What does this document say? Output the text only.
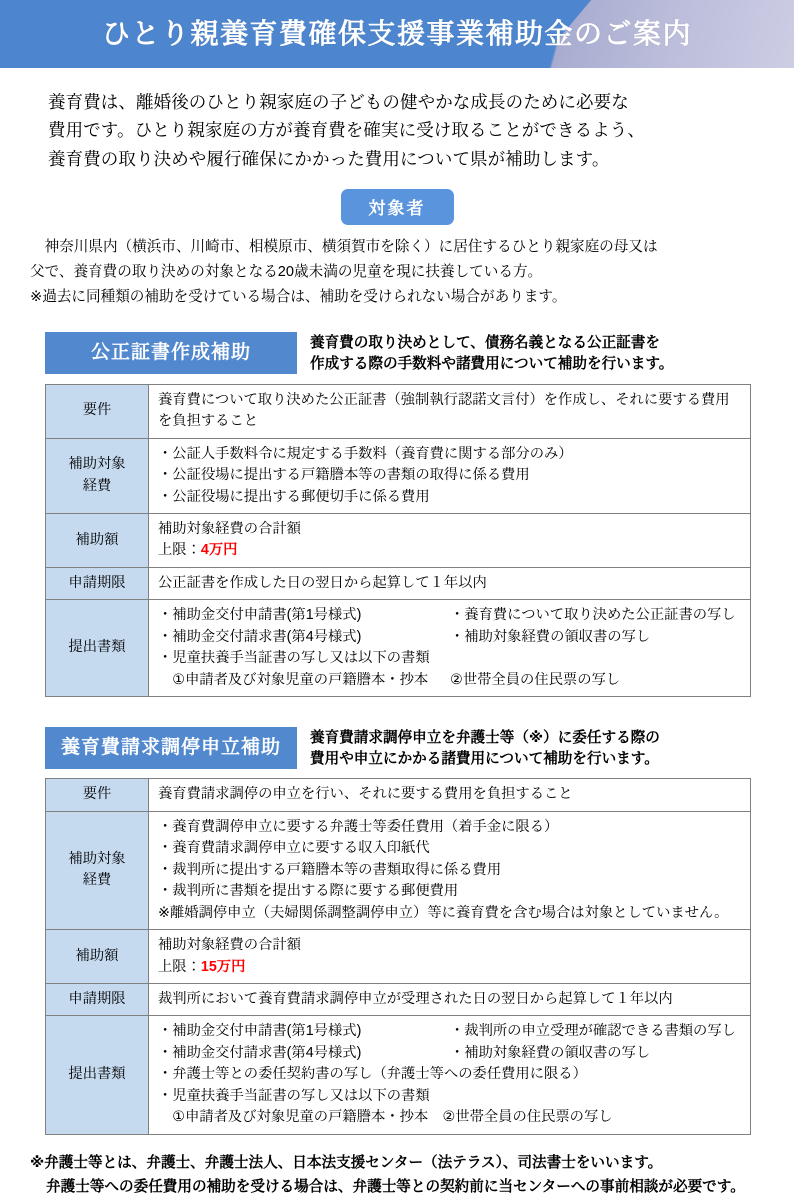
ひとり親養育費確保支援事業補助金のご案内

養育費は、離婚後のひとり親家庭の子どもの健やかな成長のために必要な

費用です。ひとり親家庭の方が養育費を確実に受け取ることができるよう、

養育費の取り決めや履行確保にかかった費用について県が補助します。

対象者

神奈川県内（横浜市、川崎市、相模原市、横須賀市を除く）に居住するひとり親家庭の母又は

父で、養育費の取り決めの対象となる20歳未満の児童を現に扶養している方。

※過去に同種類の補助を受けている場合は、補助を受けられない場合があります。

公正証書作成補助	養育費の取り決めとして、債務名義となる公正証書を
作成する際の手数料や諸費用について補助を行います。
要件	養育費について取り決めた公正証書（強制執行認諾文言付）を作成し、それに要する費用
を負担すること

補助対象
経費

・公証人手数料令に規定する手数料（養育費に関する部分のみ）
・公証役場に提出する戸籍謄本等の書類の取得に係る費用
・公証役場に提出する郵便切手に係る費用

補助額	補助対象経費の合計額
上限：4万円

申請期限	公正証書を作成した日の翌日から起算して１年以内
提出書類	
・補助金交付申請書(第1号様式)
・補助金交付請求書(第4号様式)
・養育費について取り決めた公正証書の写し
・補助対象経費の領収書の写し
・児童扶養手当証書の写し又は以下の書類
①申請者及び対象児童の戸籍謄本・抄本	②世帯全員の住民票の写し
養育費請求調停申立補助	養育費請求調停申立を弁護士等（※）に委任する際の
費用や申立にかかる諸費用について補助を行います。
要件	養育費請求調停の申立を行い、それに要する費用を負担すること

補助対象
経費

・養育費調停申立に要する弁護士等委任費用（着手金に限る）
・養育費請求調停申立に要する収入印紙代
・裁判所に提出する戸籍謄本等の書類取得に係る費用
・裁判所に書類を提出する際に要する郵便費用
※離婚調停申立（夫婦関係調整調停申立）等に養育費を含む場合は対象としていません。

補助額	補助対象経費の合計額
上限：15万円

申請期限	裁判所において養育費請求調停申立が受理された日の翌日から起算して１年以内
提出書類	
・補助金交付申請書(第1号様式)
・補助金交付請求書(第4号様式)
・裁判所の申立受理が確認できる書類の写し
・補助対象経費の領収書の写し
・弁護士等との委任契約書の写し（弁護士等への委任費用に限る）
・児童扶養手当証書の写し又は以下の書類
①申請者及び対象児童の戸籍謄本・抄本　②世帯全員の住民票の写し
※弁護士等とは、弁護士、弁護士法人、日本法支援センター（法テラス）、司法書士をいいます。
弁護士等への委任費用の補助を受ける場合は、弁護士等との契約前に当センターへの事前相談が必要です。
